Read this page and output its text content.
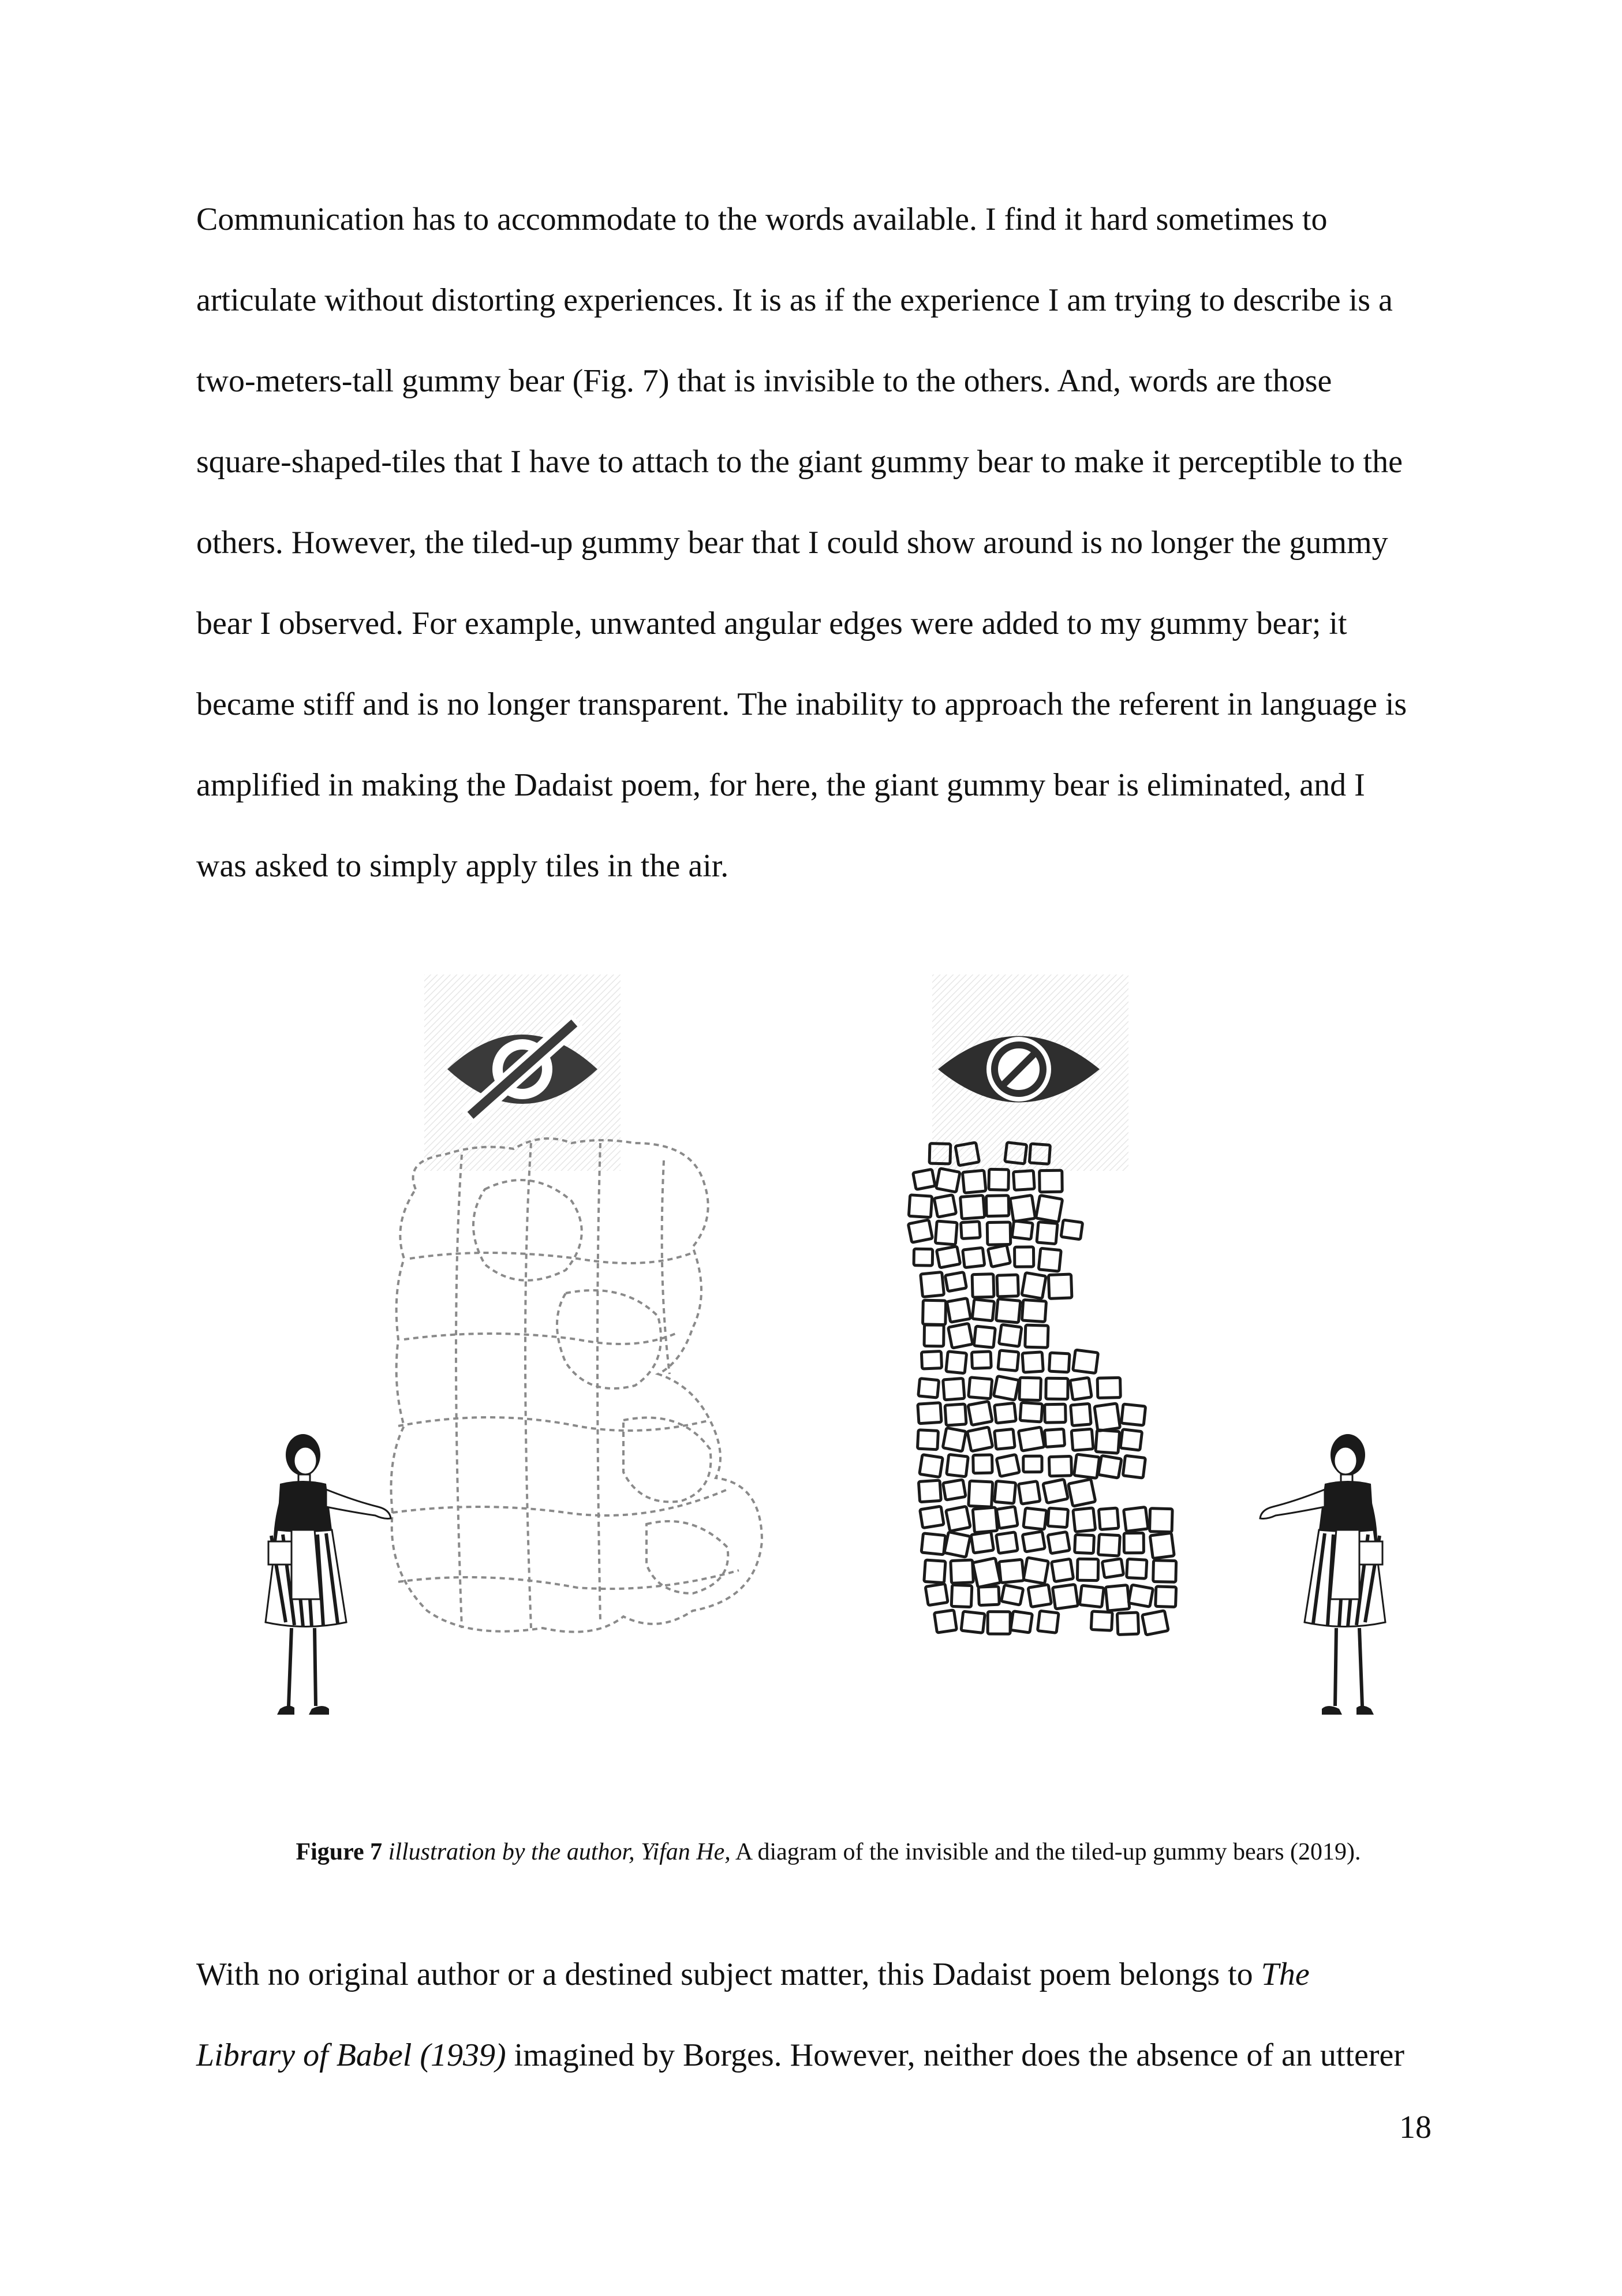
Communication has to accommodate to the words available. I find it hard sometimes to
articulate without distorting experiences. It is as if the experience I am trying to describe is a
two-meters-tall gummy bear (Fig. 7) that is invisible to the others. And, words are those
square-shaped-tiles that I have to attach to the giant gummy bear to make it perceptible to the
others. However, the tiled-up gummy bear that I could show around is no longer the gummy
bear I observed. For example, unwanted angular edges were added to my gummy bear; it
became stiff and is no longer transparent. The inability to approach the referent in language is
amplified in making the Dadaist poem, for here, the giant gummy bear is eliminated, and I
was asked to simply apply tiles in the air.

Figure 7 illustration by the author, Yifan He, A diagram of the invisible and the tiled-up gummy bears (2019).

With no original author or a destined subject matter, this Dadaist poem belongs to The
Library of Babel (1939) imagined by Borges. However, neither does the absence of an utterer

18
